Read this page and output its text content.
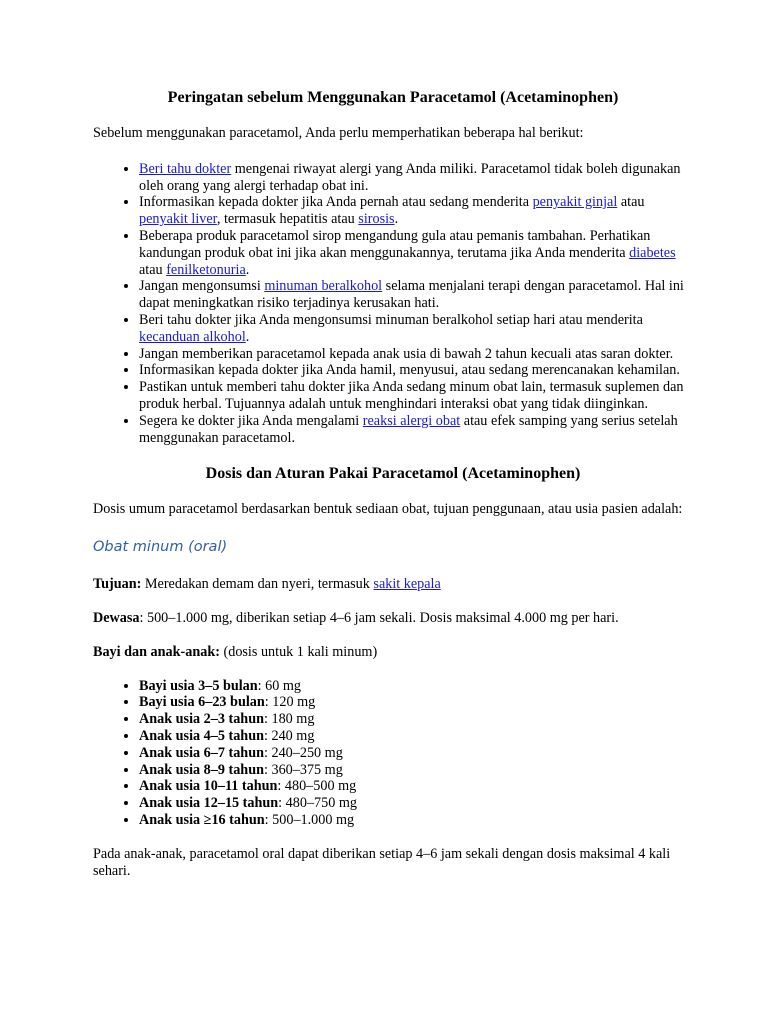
Peringatan sebelum Menggunakan Paracetamol (Acetaminophen)

Sebelum menggunakan paracetamol, Anda perlu memperhatikan beberapa hal berikut:

• Beri tahu dokter mengenai riwayat alergi yang Anda miliki. Paracetamol tidak boleh digunakan oleh orang yang alergi terhadap obat ini.
• Informasikan kepada dokter jika Anda pernah atau sedang menderita penyakit ginjal atau penyakit liver, termasuk hepatitis atau sirosis.
• Beberapa produk paracetamol sirop mengandung gula atau pemanis tambahan. Perhatikan kandungan produk obat ini jika akan menggunakannya, terutama jika Anda menderita diabetes atau fenilketonuria.
• Jangan mengonsumsi minuman beralkohol selama menjalani terapi dengan paracetamol. Hal ini dapat meningkatkan risiko terjadinya kerusakan hati.
• Beri tahu dokter jika Anda mengonsumsi minuman beralkohol setiap hari atau menderita kecanduan alkohol.
• Jangan memberikan paracetamol kepada anak usia di bawah 2 tahun kecuali atas saran dokter.
• Informasikan kepada dokter jika Anda hamil, menyusui, atau sedang merencanakan kehamilan.
• Pastikan untuk memberi tahu dokter jika Anda sedang minum obat lain, termasuk suplemen dan produk herbal. Tujuannya adalah untuk menghindari interaksi obat yang tidak diinginkan.
• Segera ke dokter jika Anda mengalami reaksi alergi obat atau efek samping yang serius setelah menggunakan paracetamol.
Dosis dan Aturan Pakai Paracetamol (Acetaminophen)

Dosis umum paracetamol berdasarkan bentuk sediaan obat, tujuan penggunaan, atau usia pasien adalah:

Obat minum (oral)

Tujuan: Meredakan demam dan nyeri, termasuk sakit kepala

Dewasa: 500–1.000 mg, diberikan setiap 4–6 jam sekali. Dosis maksimal 4.000 mg per hari.

Bayi dan anak-anak: (dosis untuk 1 kali minum)

• Bayi usia 3–5 bulan: 60 mg
• Bayi usia 6–23 bulan: 120 mg
• Anak usia 2–3 tahun: 180 mg
• Anak usia 4–5 tahun: 240 mg
• Anak usia 6–7 tahun: 240–250 mg
• Anak usia 8–9 tahun: 360–375 mg
• Anak usia 10–11 tahun: 480–500 mg
• Anak usia 12–15 tahun: 480–750 mg
• Anak usia ≥16 tahun: 500–1.000 mg

Pada anak-anak, paracetamol oral dapat diberikan setiap 4–6 jam sekali dengan dosis maksimal 4 kali sehari.
